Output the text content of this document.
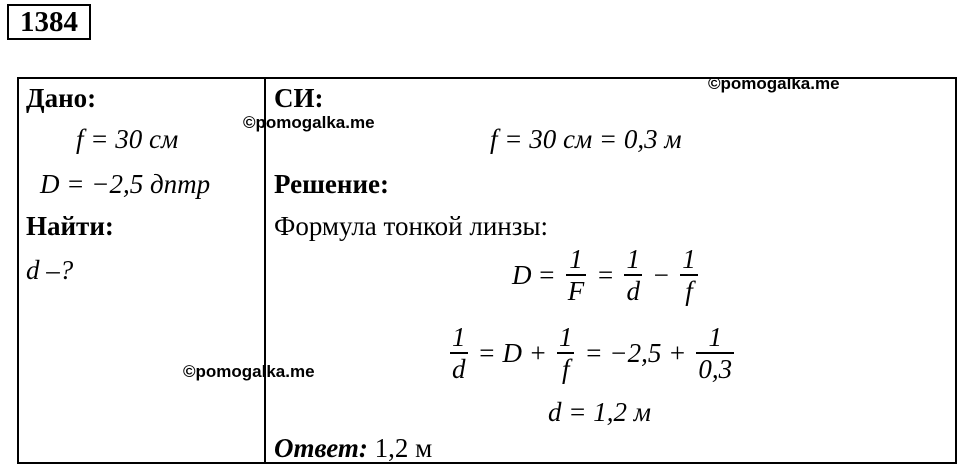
1384
Дано:
f = 30 см
D = −2,5 дптр
Найти:
d –?
СИ:
f = 30 см = 0,3 м
Решение:
Формула тонкой линзы:
$D = \frac{1}{F} = \frac{1}{d} - \frac{1}{f}$
$\frac{1}{d} = D + \frac{1}{f} = -2,5 + \frac{1}{0,3}$
d = 1,2 м
Ответ: 1,2 м
©pomogalka.me
©pomogalka.me
©pomogalka.me
